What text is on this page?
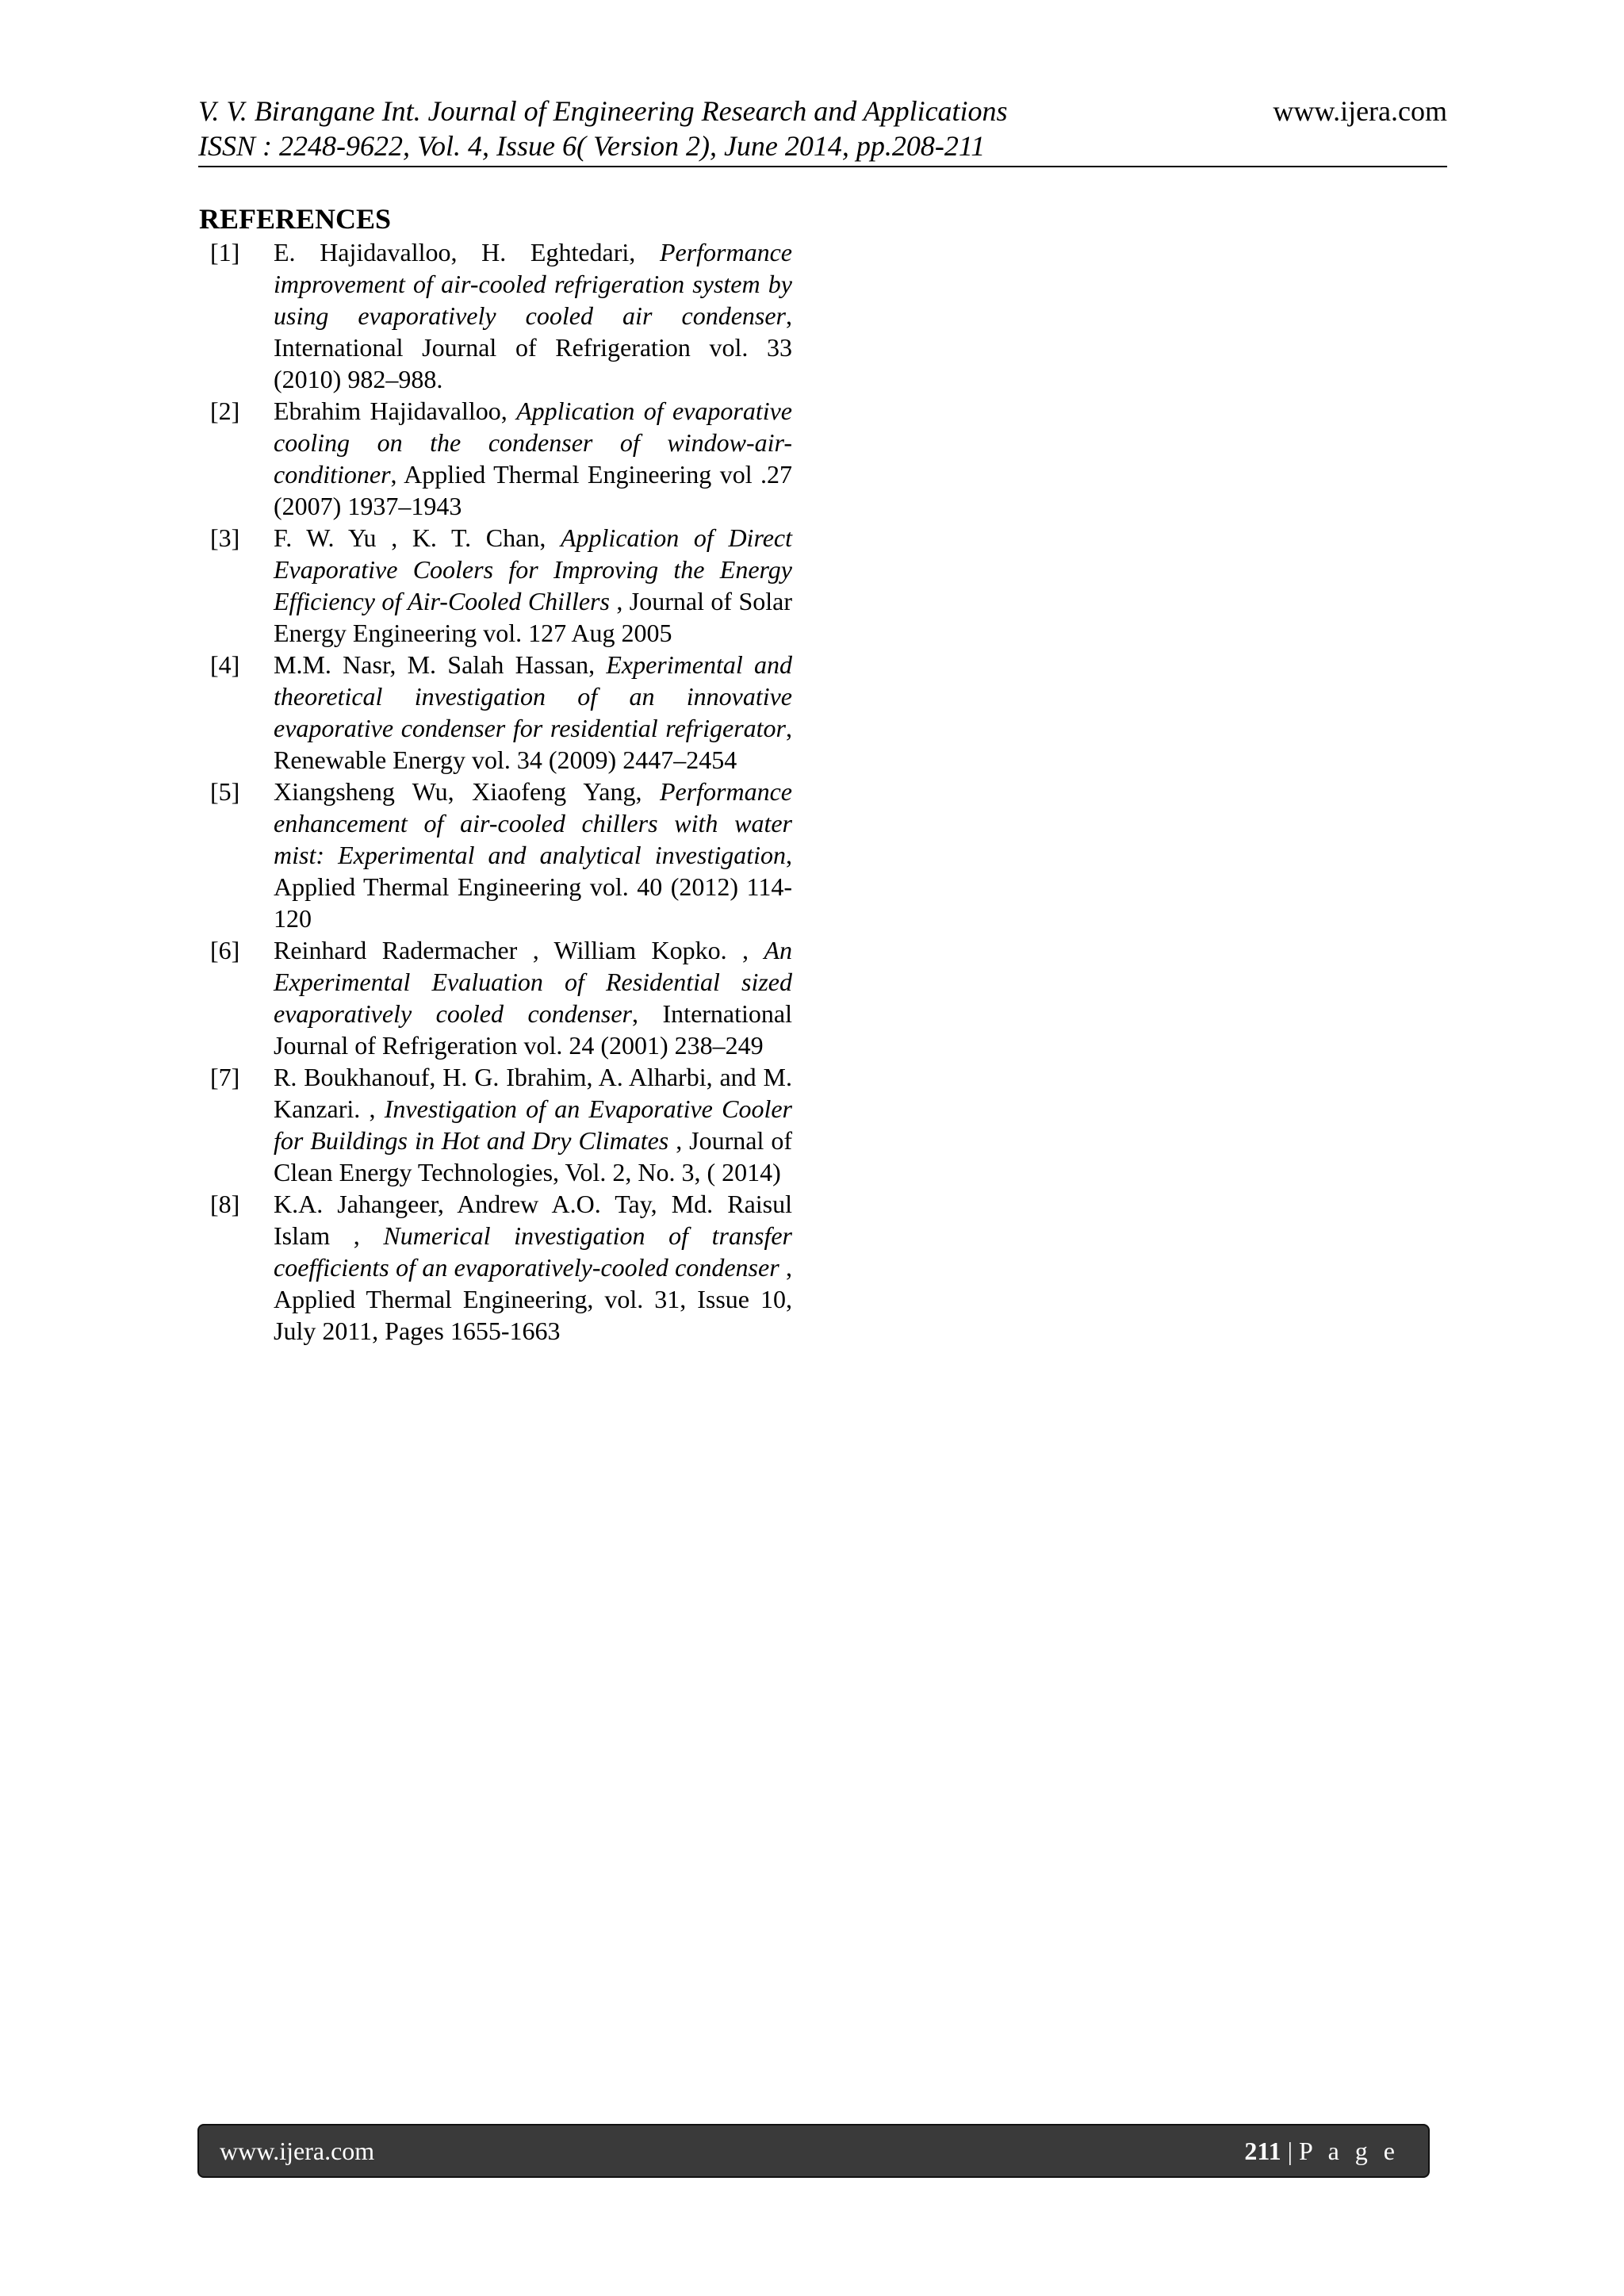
V. V. Birangane Int. Journal of Engineering Research and Applications	www.ijera.com
ISSN : 2248-9622, Vol. 4, Issue 6( Version 2), June 2014, pp.208-211
REFERENCES
[1] E. Hajidavalloo, H. Eghtedari, Performance improvement of air-cooled refrigeration system by using evaporatively cooled air condenser, International Journal of Refrigeration vol. 33 (2010) 982–988.
[2] Ebrahim Hajidavalloo, Application of evaporative cooling on the condenser of window-air-conditioner, Applied Thermal Engineering vol .27 (2007) 1937–1943
[3] F. W. Yu , K. T. Chan, Application of Direct Evaporative Coolers for Improving the Energy Efficiency of Air-Cooled Chillers , Journal of Solar Energy Engineering vol. 127 Aug 2005
[4] M.M. Nasr, M. Salah Hassan, Experimental and theoretical investigation of an innovative evaporative condenser for residential refrigerator, Renewable Energy vol. 34 (2009) 2447–2454
[5] Xiangsheng Wu, Xiaofeng Yang, Performance enhancement of air-cooled chillers with water mist: Experimental and analytical investigation, Applied Thermal Engineering vol. 40 (2012) 114-120
[6] Reinhard Radermacher , William Kopko. , An Experimental Evaluation of Residential sized evaporatively cooled condenser, International Journal of Refrigeration vol. 24 (2001) 238–249
[7] R. Boukhanouf, H. G. Ibrahim, A. Alharbi, and M. Kanzari. , Investigation of an Evaporative Cooler for Buildings in Hot and Dry Climates , Journal of Clean Energy Technologies, Vol. 2, No. 3, ( 2014)
[8] K.A. Jahangeer, Andrew A.O. Tay, Md. Raisul Islam , Numerical investigation of transfer coefficients of an evaporatively-cooled condenser , Applied Thermal Engineering, vol. 31, Issue 10, July 2011, Pages 1655-1663
www.ijera.com	211 | P a g e
